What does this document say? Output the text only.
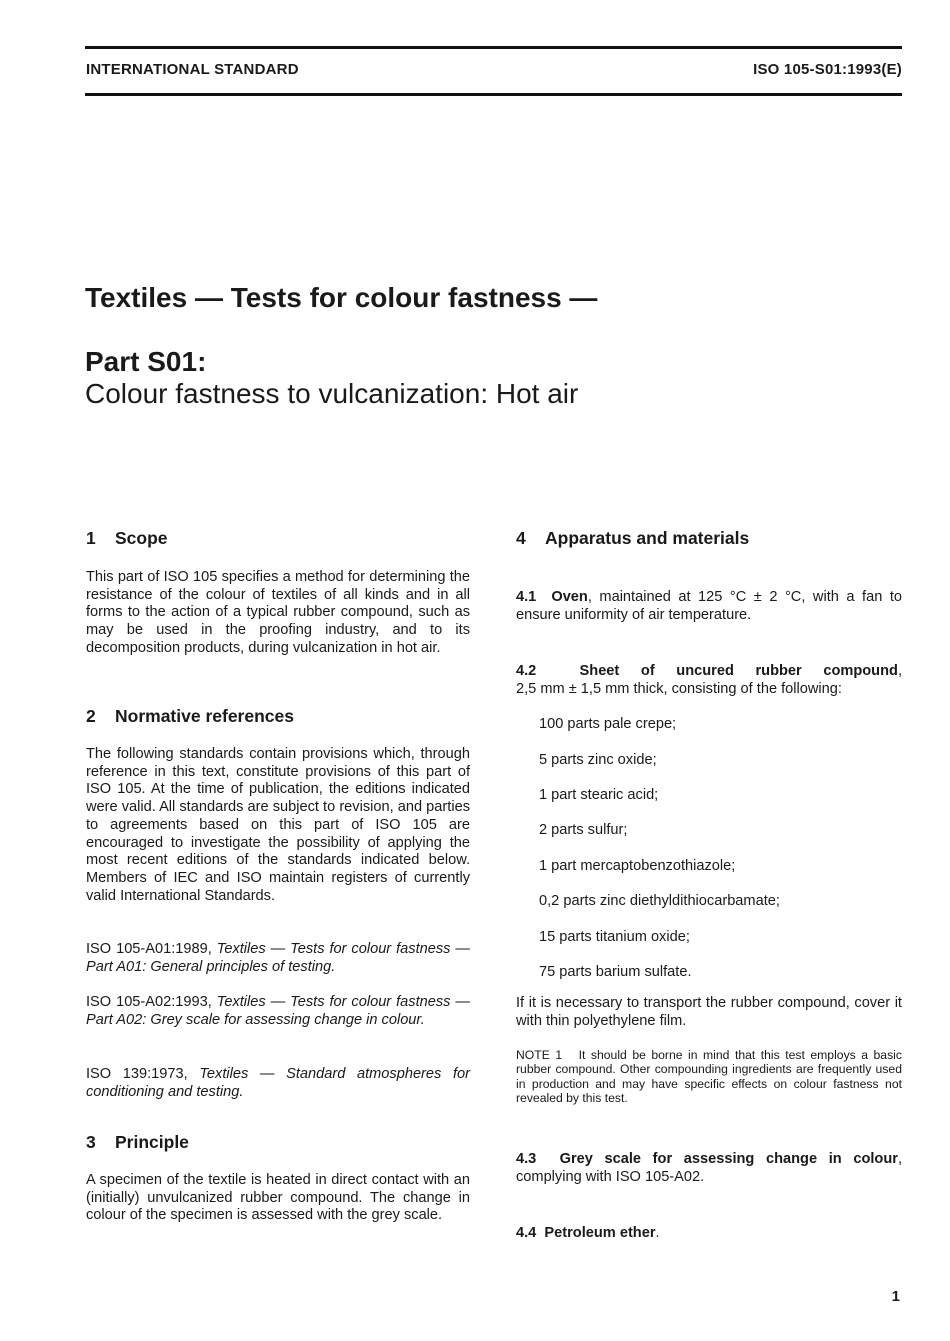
INTERNATIONAL STANDARD	ISO 105-S01:1993(E)
Textiles — Tests for colour fastness —
Part S01:
Colour fastness to vulcanization: Hot air
1 Scope

This part of ISO 105 specifies a method for determining the resistance of the colour of textiles of all kinds and in all forms to the action of a typical rubber compound, such as may be used in the proofing industry, and to its decomposition products, during vulcanization in hot air.

2 Normative references

The following standards contain provisions which, through reference in this text, constitute provisions of this part of ISO 105. At the time of publication, the editions indicated were valid. All standards are subject to revision, and parties to agreements based on this part of ISO 105 are encouraged to investigate the possibility of applying the most recent editions of the standards indicated below. Members of IEC and ISO maintain registers of currently valid International Standards.

ISO 105-A01:1989, Textiles — Tests for colour fastness — Part A01: General principles of testing.

ISO 105-A02:1993, Textiles — Tests for colour fastness — Part A02: Grey scale for assessing change in colour.

ISO 139:1973, Textiles — Standard atmospheres for conditioning and testing.

3 Principle

A specimen of the textile is heated in direct contact with an (initially) unvulcanized rubber compound. The change in colour of the specimen is assessed with the grey scale.

4 Apparatus and materials

4.1 Oven, maintained at 125 °C ± 2 °C, with a fan to ensure uniformity of air temperature.

4.2	Sheet of uncured rubber compound,

2,5 mm ± 1,5 mm thick, consisting of the following:

100 parts pale crepe;
5 parts zinc oxide;
1 part stearic acid;
2 parts sulfur;
1 part mercaptobenzothiazole;
0,2 parts zinc diethyldithiocarbamate;
15 parts titanium oxide;
75 parts barium sulfate.

If it is necessary to transport the rubber compound, cover it with thin polyethylene film.

NOTE 1 It should be borne in mind that this test employs a basic rubber compound. Other compounding ingredients are frequently used in production and may have specific effects on colour fastness not revealed by this test.

4.3 Grey scale for assessing change in colour,

complying with ISO 105-A02.

4.4 Petroleum ether.

1
